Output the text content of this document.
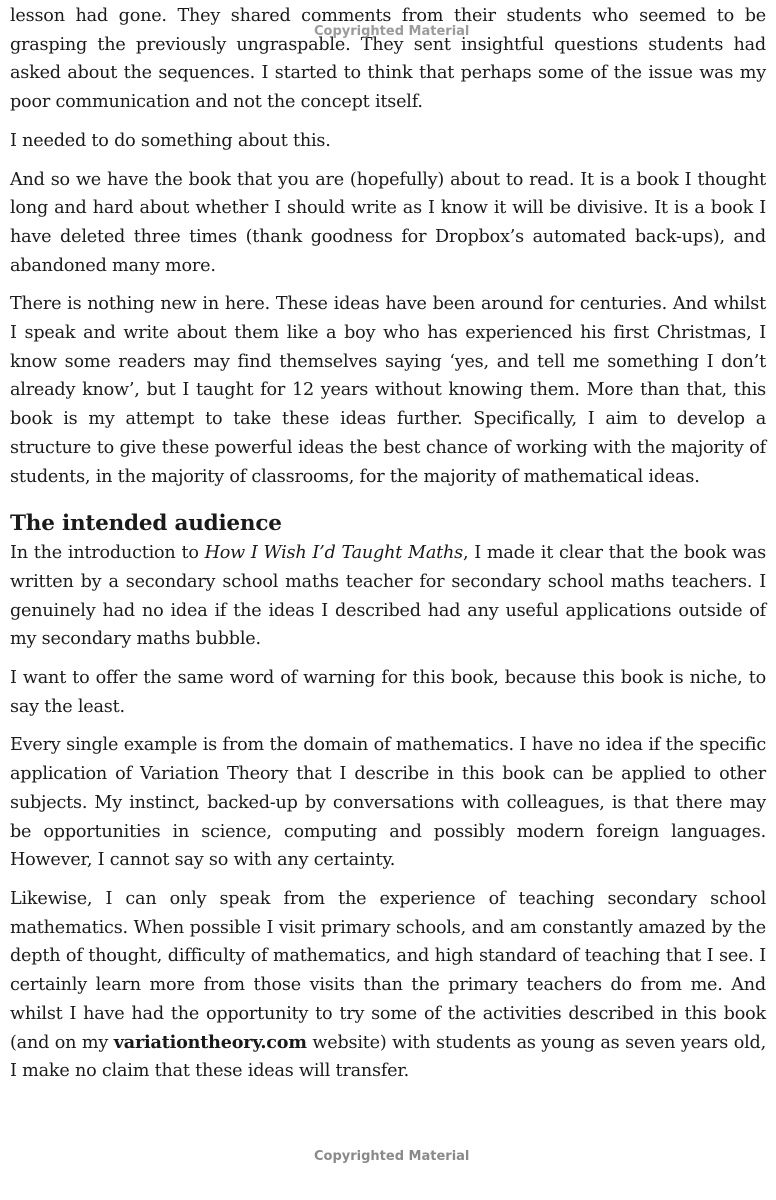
lesson had gone. They shared comments from their students who seemed to be grasping the previously ungraspable. They sent insightful questions students had asked about the sequences. I started to think that perhaps some of the issue was my poor communication and not the concept itself.

I needed to do something about this.

And so we have the book that you are (hopefully) about to read. It is a book I thought long and hard about whether I should write as I know it will be divisive. It is a book I have deleted three times (thank goodness for Dropbox’s automated back-ups), and abandoned many more.

There is nothing new in here. These ideas have been around for centuries. And whilst I speak and write about them like a boy who has experienced his first Christmas, I know some readers may find themselves saying ‘yes, and tell me something I don’t already know’, but I taught for 12 years without knowing them. More than that, this book is my attempt to take these ideas further. Specifically, I aim to develop a structure to give these powerful ideas the best chance of working with the majority of students, in the majority of classrooms, for the majority of mathematical ideas.

The intended audience

In the introduction to How I Wish I’d Taught Maths, I made it clear that the book was written by a secondary school maths teacher for secondary school maths teachers. I genuinely had no idea if the ideas I described had any useful applications outside of my secondary maths bubble.

I want to offer the same word of warning for this book, because this book is niche, to say the least.

Every single example is from the domain of mathematics. I have no idea if the specific application of Variation Theory that I describe in this book can be applied to other subjects. My instinct, backed-up by conversations with colleagues, is that there may be opportunities in science, computing and possibly modern foreign languages. However, I cannot say so with any certainty.

Likewise, I can only speak from the experience of teaching secondary school mathematics. When possible I visit primary schools, and am constantly amazed by the depth of thought, difficulty of mathematics, and high standard of teaching that I see. I certainly learn more from those visits than the primary teachers do from me. And whilst I have had the opportunity to try some of the activities described in this book (and on my variationtheory.com website) with students as young as seven years old, I make no claim that these ideas will transfer.

Copyrighted Material
Copyrighted Material
